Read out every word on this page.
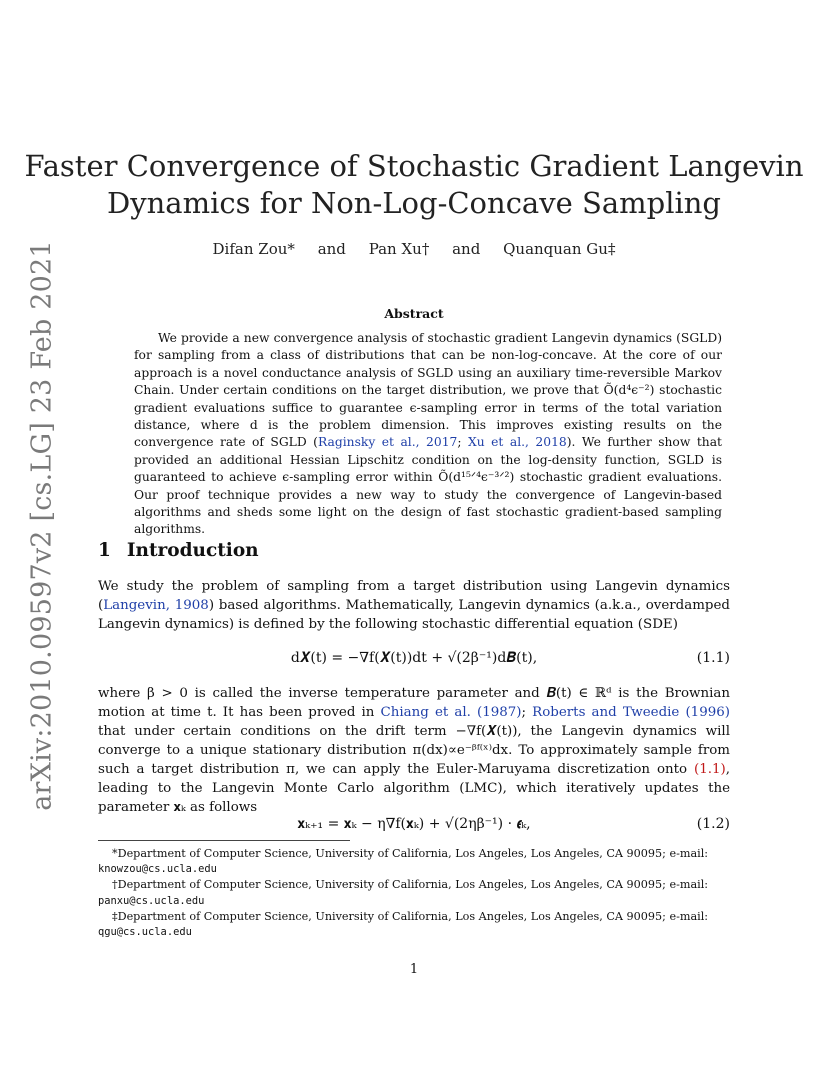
arXiv:2010.09597v2 [cs.LG] 23 Feb 2021
Faster Convergence of Stochastic Gradient Langevin
Dynamics for Non-Log-Concave Sampling
Difan Zou* and Pan Xu† and Quanquan Gu‡
Abstract

We provide a new convergence analysis of stochastic gradient Langevin dynamics (SGLD) for sampling from a class of distributions that can be non-log-concave. At the core of our approach is a novel conductance analysis of SGLD using an auxiliary time-reversible Markov Chain. Under certain conditions on the target distribution, we prove that Õ(d⁴ϵ⁻²) stochastic gradient evaluations suffice to guarantee ϵ-sampling error in terms of the total variation distance, where d is the problem dimension. This improves existing results on the convergence rate of SGLD (Raginsky et al., 2017; Xu et al., 2018). We further show that provided an additional Hessian Lipschitz condition on the log-density function, SGLD is guaranteed to achieve ϵ-sampling error within Õ(d¹⁵ᐟ⁴ϵ⁻³ᐟ²) stochastic gradient evaluations. Our proof technique provides a new way to study the convergence of Langevin-based algorithms and sheds some light on the design of fast stochastic gradient-based sampling algorithms.

1 Introduction

We study the problem of sampling from a target distribution using Langevin dynamics (Langevin, 1908) based algorithms. Mathematically, Langevin dynamics (a.k.a., overdamped Langevin dynamics) is defined by the following stochastic differential equation (SDE)

d𝑿(t) = −∇f(𝑿(t))dt + √(2β⁻¹)d𝑩(t),	(1.1)

where β > 0 is called the inverse temperature parameter and 𝑩(t) ∈ ℝᵈ is the Brownian motion at time t. It has been proved in Chiang et al. (1987); Roberts and Tweedie (1996) that under certain conditions on the drift term −∇f(𝑿(t)), the Langevin dynamics will converge to a unique stationary distribution π(dx)∝e⁻ᵝᶠ⁽ˣ⁾dx. To approximately sample from such a target distribution π, we can apply the Euler-Maruyama discretization onto (1.1), leading to the Langevin Monte Carlo algorithm (LMC), which iteratively updates the parameter 𝐱ₖ as follows

𝐱ₖ₊₁ = 𝐱ₖ − η∇f(𝐱ₖ) + √(2ηβ⁻¹) · 𝝐ₖ,	(1.2)

*Department of Computer Science, University of California, Los Angeles, Los Angeles, CA 90095; e-mail:
knowzou@cs.ucla.edu

†Department of Computer Science, University of California, Los Angeles, Los Angeles, CA 90095; e-mail:
panxu@cs.ucla.edu

‡Department of Computer Science, University of California, Los Angeles, Los Angeles, CA 90095; e-mail:
qgu@cs.ucla.edu

1
